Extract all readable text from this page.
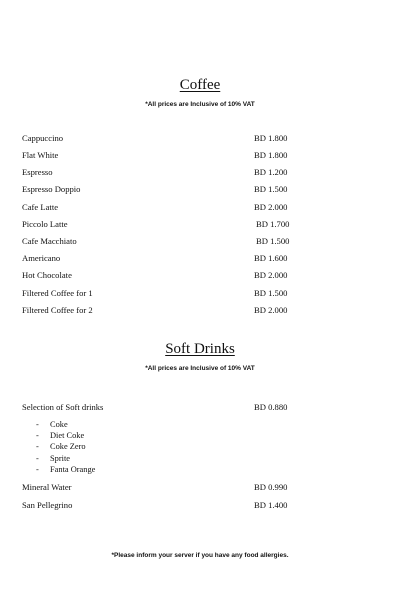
Coffee
*All prices are Inclusive of 10% VAT
Cappuccino	BD 1.800
Flat White	BD 1.800
Espresso	BD 1.200
Espresso Doppio	BD 1.500
Cafe Latte	BD 2.000
Piccolo Latte	BD 1.700
Cafe Macchiato	BD 1.500
Americano	BD 1.600
Hot Chocolate	BD 2.000
Filtered Coffee for 1	BD 1.500
Filtered Coffee for 2	BD 2.000
Soft Drinks
*All prices are Inclusive of 10% VAT
Selection of Soft drinks	BD 0.880
- Coke
- Diet Coke
- Coke Zero
- Sprite
- Fanta Orange
Mineral Water	BD 0.990
San Pellegrino	BD 1.400
*Please inform your server if you have any food allergies.
